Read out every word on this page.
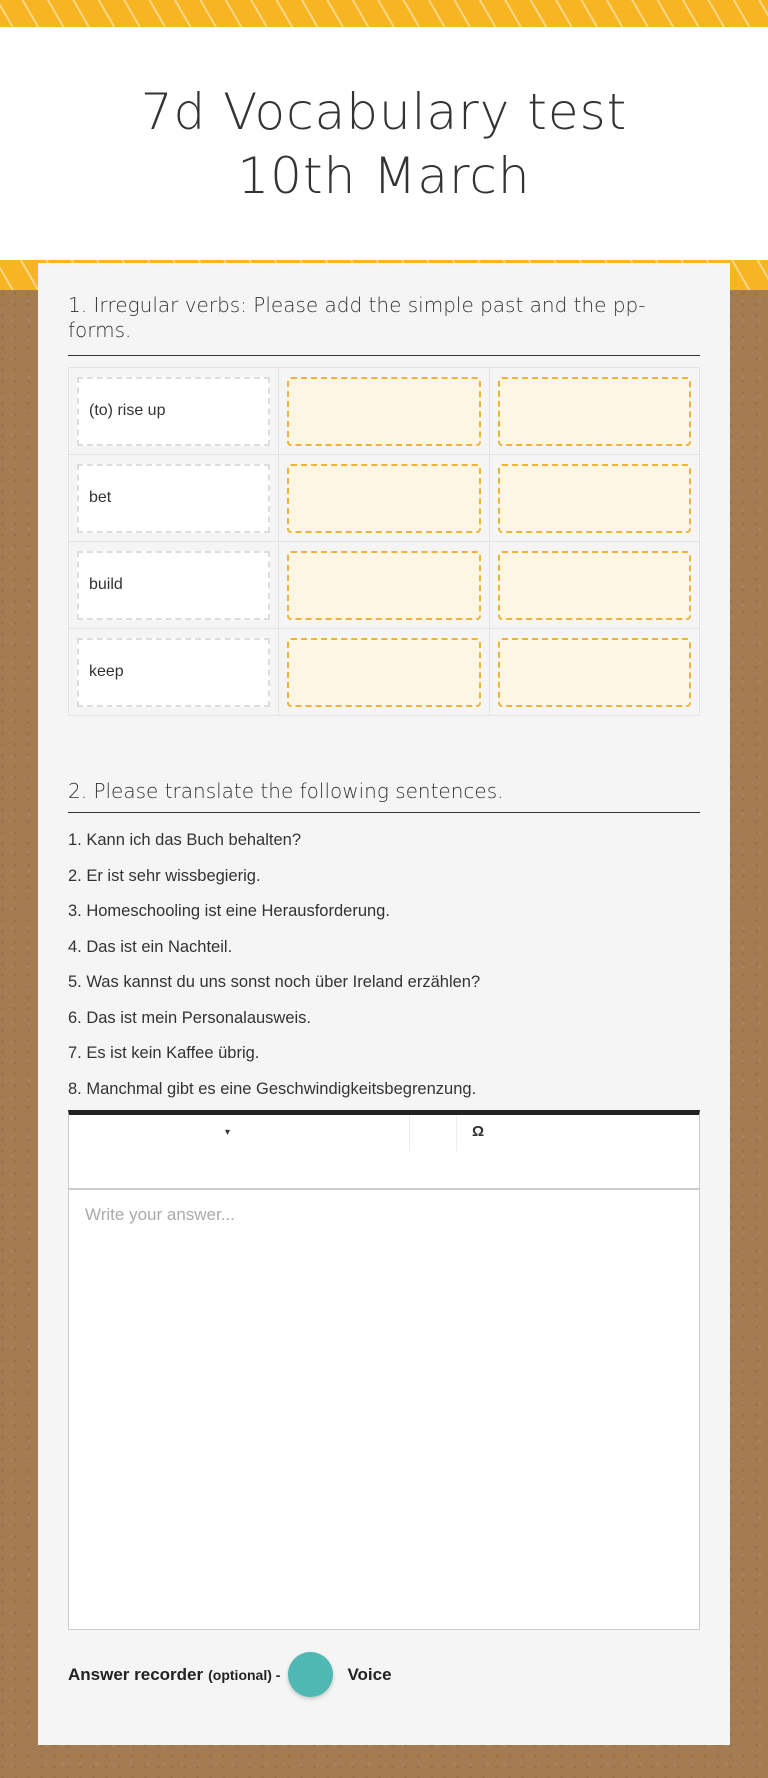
7d Vocabulary test 10th March
1. Irregular verbs: Please add the simple past and the pp-forms.
(to) rise up		

bet		

build		

keep		

2. Please translate the following sentences.
1. Kann ich das Buch behalten?
2. Er ist sehr wissbegierig.
3. Homeschooling ist eine Herausforderung.
4. Das ist ein Nachteil.
5. Was kannst du uns sonst noch über Ireland erzählen?
6. Das ist mein Personalausweis.
7. Es ist kein Kaffee übrig.
8. Manchmal gibt es eine Geschwindigkeitsbegrenzung.
▾	Ω
Write your answer...
Answer recorder (optional) -	Voice
